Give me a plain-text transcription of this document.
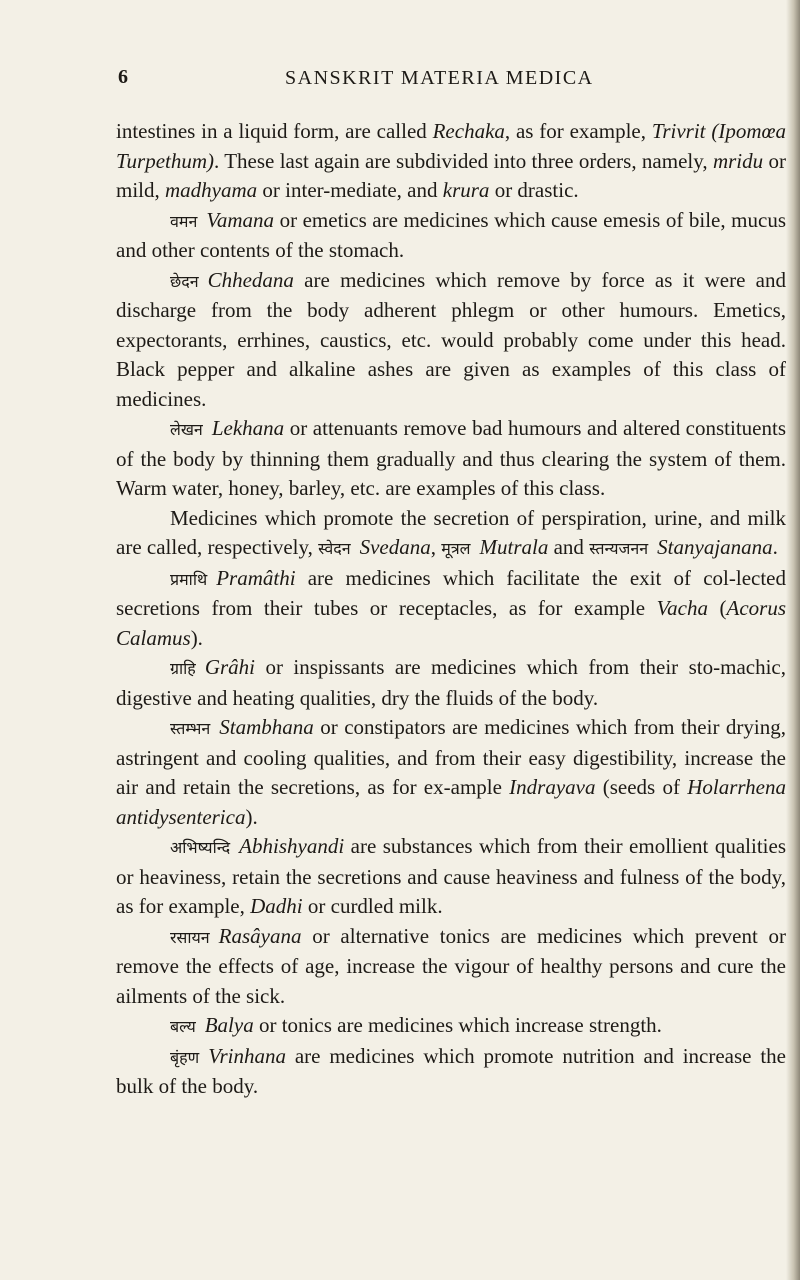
6	SANSKRIT MATERIA MEDICA

intestines in a liquid form, are called Rechaka, as for example, Trivrit (Ipomœa Turpethum). These last again are subdivided into three orders, namely, mridu or mild, madhyama or inter-mediate, and krura or drastic.

वमन Vamana or emetics are medicines which cause emesis of bile, mucus and other contents of the stomach.

छेदन Chhedana are medicines which remove by force as it were and discharge from the body adherent phlegm or other humours. Emetics, expectorants, errhines, caustics, etc. would probably come under this head. Black pepper and alkaline ashes are given as examples of this class of medicines.

लेखन Lekhana or attenuants remove bad humours and altered constituents of the body by thinning them gradually and thus clearing the system of them. Warm water, honey, barley, etc. are examples of this class.

Medicines which promote the secretion of perspiration, urine, and milk are called, respectively, स्वेदन Svedana, मूत्रल Mutrala and स्तन्यजनन Stanyajanana.

प्रमाथि Pramâthi are medicines which facilitate the exit of col-lected secretions from their tubes or receptacles, as for example Vacha (Acorus Calamus).

ग्राहि Grâhi or inspissants are medicines which from their sto-machic, digestive and heating qualities, dry the fluids of the body.

स्तम्भन Stambhana or constipators are medicines which from their drying, astringent and cooling qualities, and from their easy digestibility, increase the air and retain the secretions, as for ex-ample Indrayava (seeds of Holarrhena antidysenterica).

अभिष्यन्दि Abhishyandi are substances which from their emollient qualities or heaviness, retain the secretions and cause heaviness and fulness of the body, as for example, Dadhi or curdled milk.

रसायन Rasâyana or alternative tonics are medicines which prevent or remove the effects of age, increase the vigour of healthy persons and cure the ailments of the sick.

बल्य Balya or tonics are medicines which increase strength.

बृंहण Vrinhana are medicines which promote nutrition and increase the bulk of the body.
